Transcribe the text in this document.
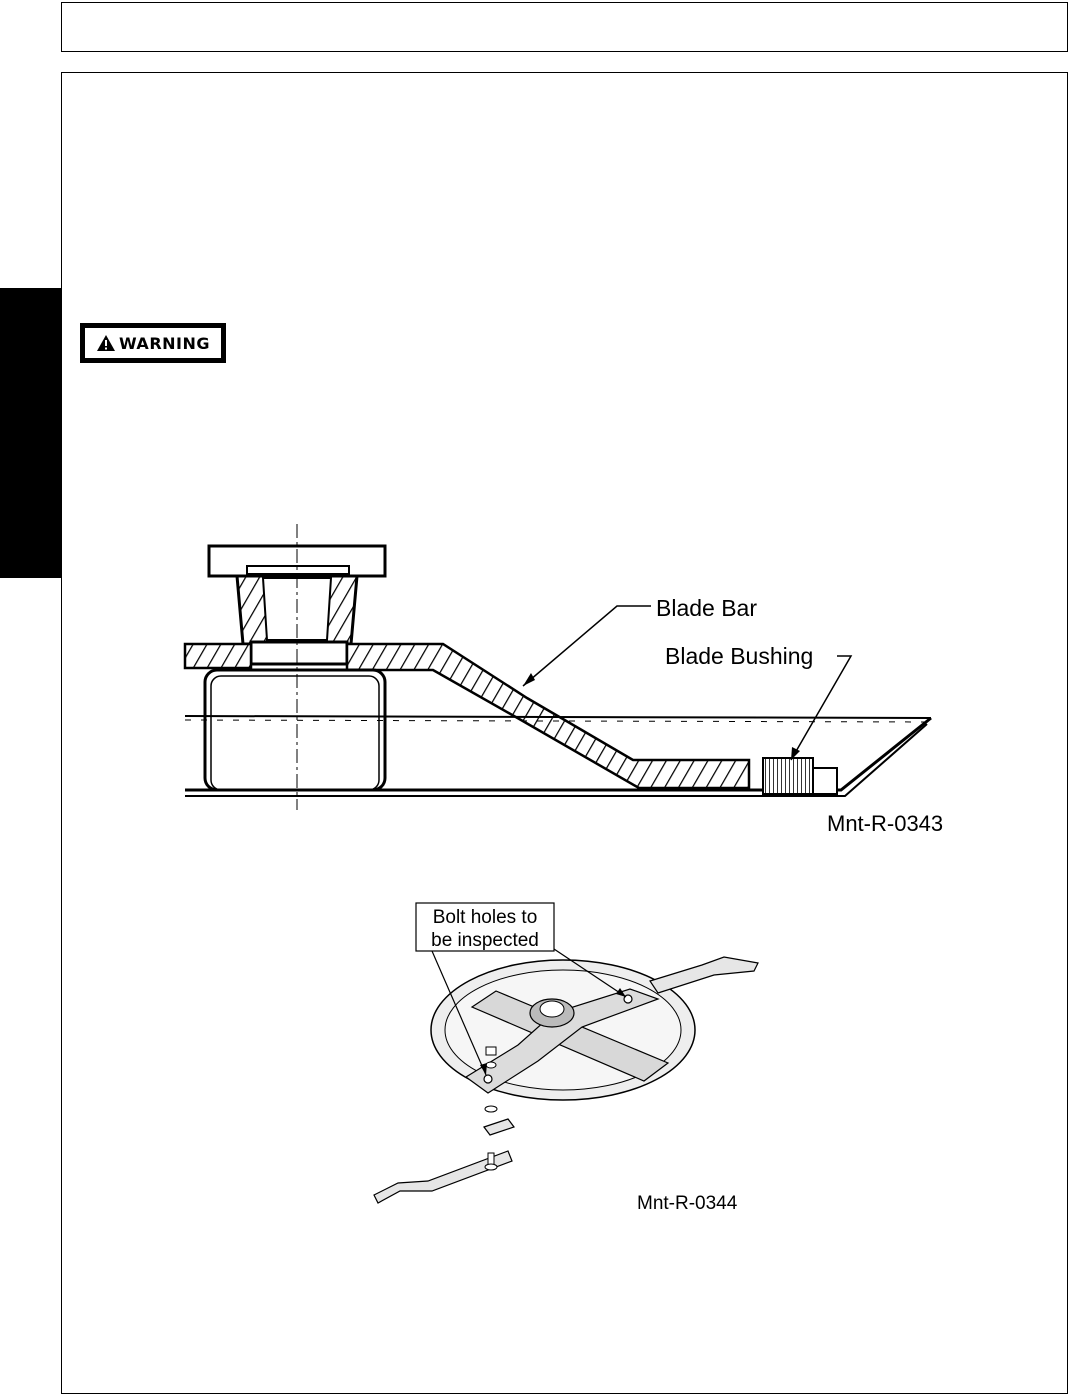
WARNING
Blade Bar
Blade Bushing
Mnt-R-0343
Bolt holes to
be inspected
Mnt-R-0344
